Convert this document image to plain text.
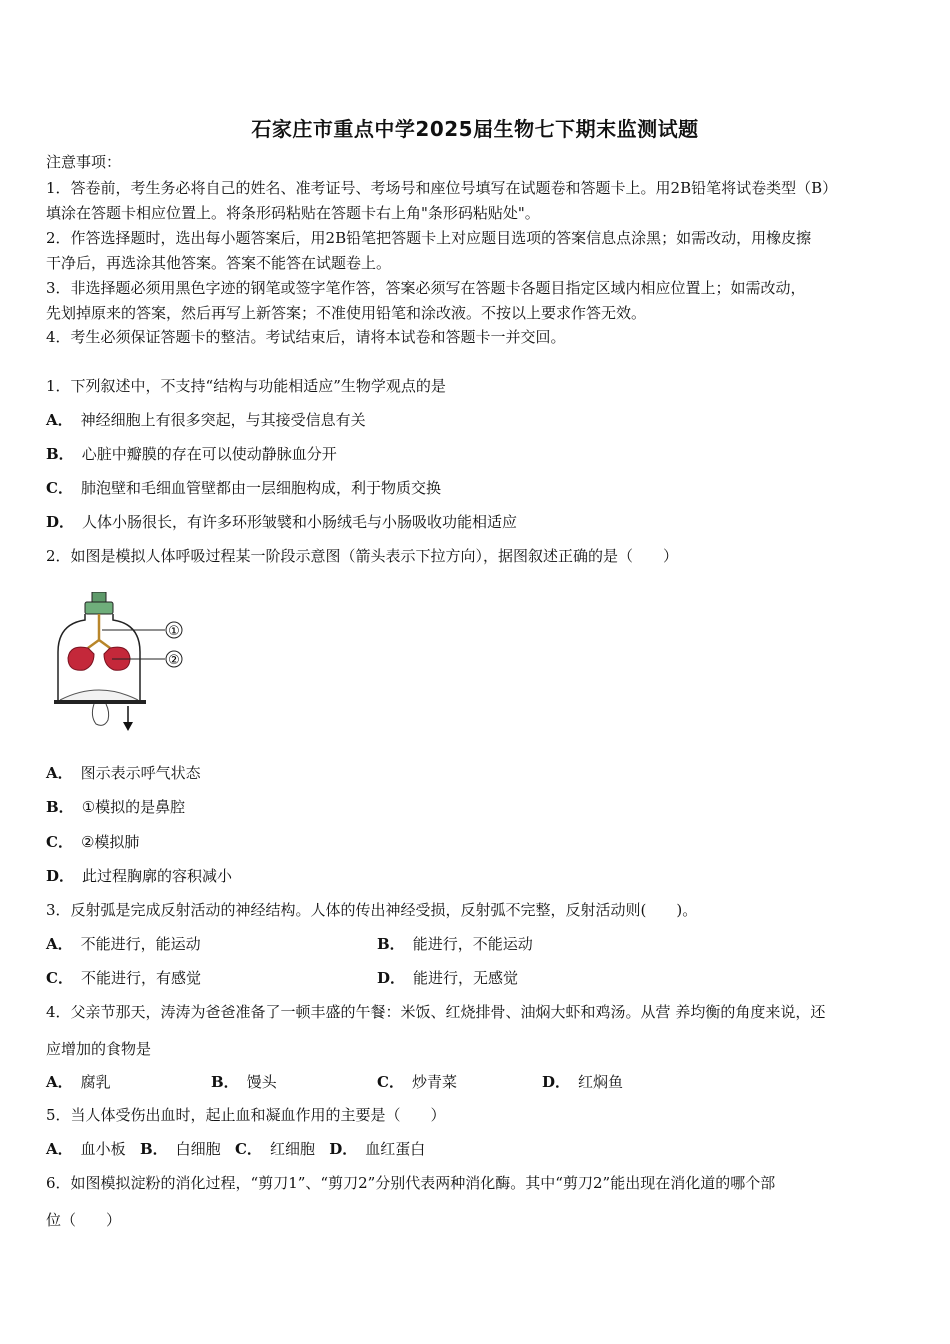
石家庄市重点中学2025届生物七下期末监测试题
注意事项：
1．答卷前，考生务必将自己的姓名、准考证号、考场号和座位号填写在试题卷和答题卡上。用2B铅笔将试卷类型（B）
填涂在答题卡相应位置上。将条形码粘贴在答题卡右上角"条形码粘贴处"。
2．作答选择题时，选出每小题答案后，用2B铅笔把答题卡上对应题目选项的答案信息点涂黑；如需改动，用橡皮擦
干净后，再选涂其他答案。答案不能答在试题卷上。
3．非选择题必须用黑色字迹的钢笔或签字笔作答，答案必须写在答题卡各题目指定区域内相应位置上；如需改动，
先划掉原来的答案，然后再写上新答案；不准使用铅笔和涂改液。不按以上要求作答无效。
4．考生必须保证答题卡的整洁。考试结束后，请将本试卷和答题卡一并交回。
1．下列叙述中，不支持“结构与功能相适应”生物学观点的是
A． 神经细胞上有很多突起，与其接受信息有关
B． 心脏中瓣膜的存在可以使动静脉血分开
C． 肺泡壁和毛细血管壁都由一层细胞构成，利于物质交换
D． 人体小肠很长，有许多环形皱襞和小肠绒毛与小肠吸收功能相适应
2．如图是模拟人体呼吸过程某一阶段示意图（箭头表示下拉方向），据图叙述正确的是（　　）
①
②
A． 图示表示呼气状态
B． ①模拟的是鼻腔
C． ②模拟肺
D． 此过程胸廓的容积减小
3．反射弧是完成反射活动的神经结构。人体的传出神经受损，反射弧不完整，反射活动则(　　)。
A． 不能进行，能运动	B． 能进行，不能运动
C． 不能进行，有感觉	D． 能进行，无感觉
4．父亲节那天，涛涛为爸爸准备了一顿丰盛的午餐：米饭、红烧排骨、油焖大虾和鸡汤。从营 养均衡的角度来说，还
应增加的食物是
A． 腐乳	B． 馒头	C． 炒青菜	D． 红焖鱼
5．当人体受伤出血时，起止血和凝血作用的主要是（　　）
A． 血小板 B． 白细胞 C． 红细胞 D． 血红蛋白
6．如图模拟淀粉的消化过程，“剪刀1”、“剪刀2”分别代表两种消化酶。其中“剪刀2”能出现在消化道的哪个部
位（　　）
